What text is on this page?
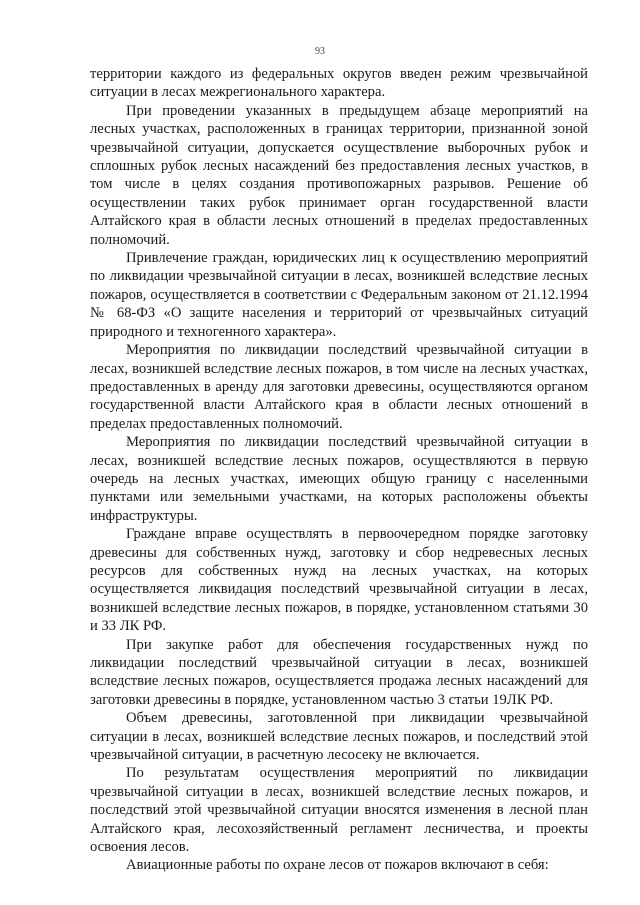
93

территории каждого из федеральных округов введен режим чрезвычайной ситуации в лесах межрегионального характера.

При проведении указанных в предыдущем абзаце мероприятий на лесных участках, расположенных в границах территории, признанной зоной чрезвычайной ситуации, допускается осуществление выборочных рубок и сплошных рубок лесных насаждений без предоставления лесных участков, в том числе в целях создания противопожарных разрывов. Решение об осуществлении таких рубок принимает орган государственной власти Алтайского края в области лесных отношений в пределах предоставленных полномочий.

Привлечение граждан, юридических лиц к осуществлению мероприятий по ликвидации чрезвычайной ситуации в лесах, возникшей вследствие лесных пожаров, осуществляется в соответствии с Федеральным законом от 21.12.1994 № 68-ФЗ «О защите населения и территорий от чрезвычайных ситуаций природного и техногенного характера».

Мероприятия по ликвидации последствий чрезвычайной ситуации в лесах, возникшей вследствие лесных пожаров, в том числе на лесных участках, предоставленных в аренду для заготовки древесины, осуществляются органом государственной власти Алтайского края в области лесных отношений в пределах предоставленных полномочий.

Мероприятия по ликвидации последствий чрезвычайной ситуации в лесах, возникшей вследствие лесных пожаров, осуществляются в первую очередь на лесных участках, имеющих общую границу с населенными пунктами или земельными участками, на которых расположены объекты инфраструктуры.

Граждане вправе осуществлять в первоочередном порядке заготовку древесины для собственных нужд, заготовку и сбор недревесных лесных ресурсов для собственных нужд на лесных участках, на которых осуществляется ликвидация последствий чрезвычайной ситуации в лесах, возникшей вследствие лесных пожаров, в порядке, установленном статьями 30 и 33 ЛК РФ.

При закупке работ для обеспечения государственных нужд по ликвидации последствий чрезвычайной ситуации в лесах, возникшей вследствие лесных пожаров, осуществляется продажа лесных насаждений для заготовки древесины в порядке, установленном частью 3 статьи 19ЛК РФ.

Объем древесины, заготовленной при ликвидации чрезвычайной ситуации в лесах, возникшей вследствие лесных пожаров, и последствий этой чрезвычайной ситуации, в расчетную лесосеку не включается.

По результатам осуществления мероприятий по ликвидации чрезвычайной ситуации в лесах, возникшей вследствие лесных пожаров, и последствий этой чрезвычайной ситуации вносятся изменения в лесной план Алтайского края, лесохозяйственный регламент лесничества, и проекты освоения лесов.

Авиационные работы по охране лесов от пожаров включают в себя:
